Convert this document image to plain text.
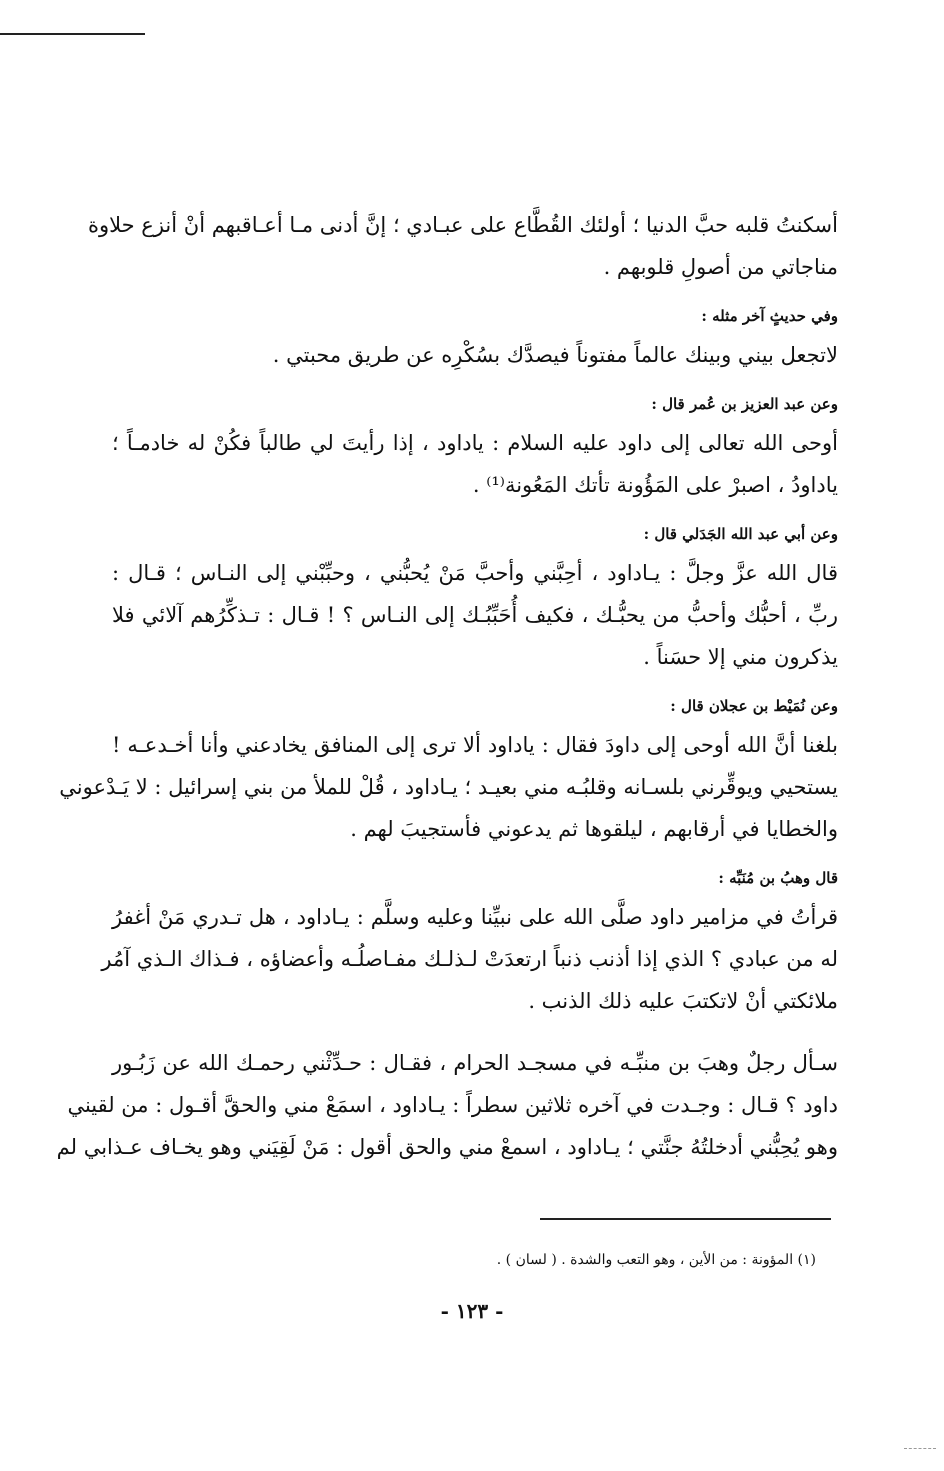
أسكنتُ قلبه حبَّ الدنيا ؛ أولئك القُطَّاع على عبـادي ؛ إنَّ أدنى مـا أعـاقبهم أنْ أنزع حلاوة
مناجاتي من أصولِ قلوبهم .
وفي حديثٍ آخر مثله :
لاتجعل بيني وبينك عالماً مفتوناً فيصدَّك بسُكْرِه عن طريق محبتي .
وعن عبد العزيز بن عُمر قال :
أوحى الله تعالى إلى داود عليه السلام : ياداود ، إذا رأيتَ لي طالباً فكُنْ له خادمـاً ؛
ياداودُ ، اصبرْ على المَؤُونة تأتك المَعُونة⁽¹⁾ .
وعن أبي عبد الله الجَدَلي قال :
قال الله عزَّ وجلَّ : يـاداود ، أحِبَّني وأحبَّ مَنْ يُحبُّني ، وحبِّبْني إلى النـاس ؛ قـال :
ربِّ ، أحبُّك وأحبُّ من يحبُّـك ، فكيف أُحَبِّبُـك إلى النـاس ؟ ! قـال : تـذكِّرُهم آلائي فلا
يذكرون مني إلا حسَناً .
وعن نُمَيْط بن عجلان قال :
بلغنا أنَّ الله أوحى إلى داودَ فقال : ياداود ألا ترى إلى المنافق يخادعني وأنا أخـدعـه !
يستحيي ويوقِّرني بلسـانه وقلبُـه مني بعيـد ؛ يـاداود ، قُلْ للملأ من بني إسرائيل : لا يَـدْعوني
والخطايا في أرقابهم ، ليلقوها ثم يدعوني فأستجيبَ لهم .
قال وهبُ بن مُنَبِّه :
قرأتُ في مزامير داود صلَّى الله على نبيِّنا وعليه وسلَّم : يـاداود ، هل تـدري مَنْ أغفرُ
له من عبادي ؟ الذي إذا أذنب ذنباً ارتعدَتْ لـذلـك مفـاصلُـه وأعضاؤه ، فـذاك الـذي آمُر
ملائكتي أنْ لاتكتبَ عليه ذلك الذنب .
سـأل رجلٌ وهبَ بن منبِّـه في مسجـد الحرام ، فقـال : حـدِّثْني رحمـك الله عن زَبُـور
داود ؟ قـال : وجـدت في آخره ثلاثين سطراً : يـاداود ، اسمَعْ مني والحقَّ أقـول : من لقيني
وهو يُحِبُّني أدخلتُهُ جنَّتي ؛ يـاداود ، اسمعْ مني والحق أقول : مَنْ لَقِيَني وهو يخـاف عـذابي لم
(١) المؤونة : من الأين ، وهو التعب والشدة . ( لسان ) .
- ١٢٣ -
